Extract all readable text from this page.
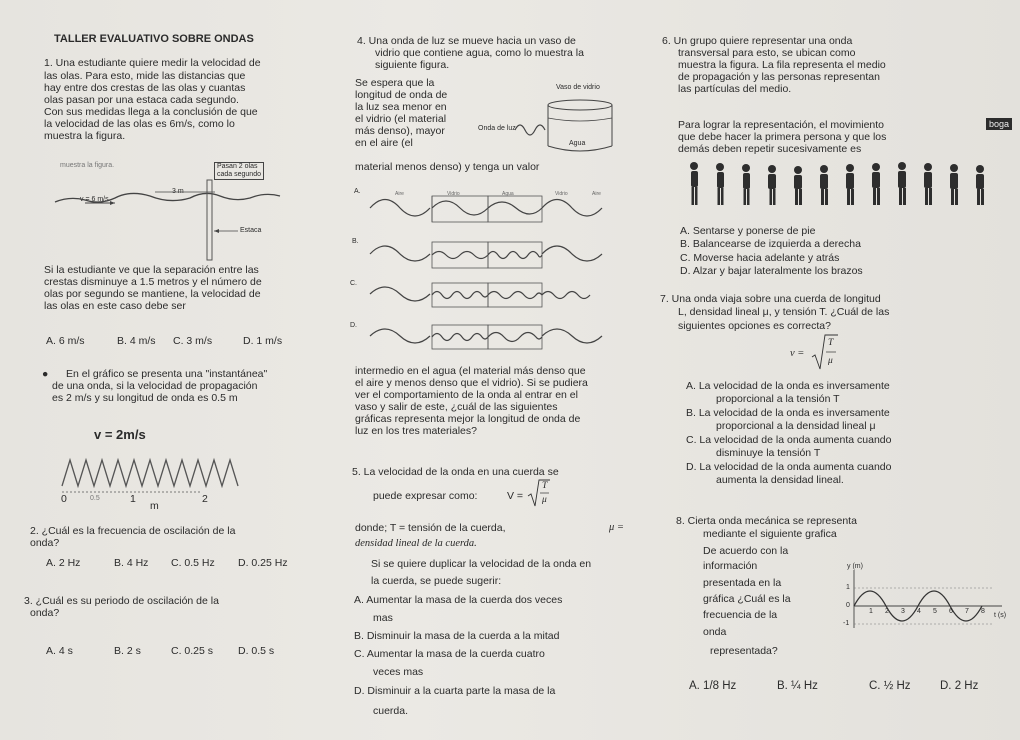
TALLER EVALUATIVO SOBRE ONDAS
1. Una estudiante quiere medir la velocidad de
las olas. Para esto, mide las distancias que
hay entre dos crestas de las olas y cuantas
olas pasan por una estaca cada segundo.
Con sus medidas llega a la conclusión de que
la velocidad de las olas es 6m/s, como lo
muestra la figura.
muestra la figura.	Pasan 2 olas
cada segundo
v = 6 m/s
3 m
Estaca
Si la estudiante ve que la separación entre las
crestas disminuye a 1.5 metros y el número de
olas por segundo se mantiene, la velocidad de
las olas en este caso debe ser
A. 6 m/s	B. 4 m/s C. 3 m/s	D. 1 m/s
● En el gráfico se presenta una "instantánea"
de una onda, si la velocidad de propagación
es 2 m/s y su longitud de onda es 0.5 m
v = 2m/s
0	0.5	1	2
m
2. ¿Cuál es la frecuencia de oscilación de la
onda?
A. 2 Hz	B. 4 Hz C. 0.5 Hz D. 0.25 Hz
3. ¿Cuál es su periodo de oscilación de la
onda?
A. 4 s	B. 2 s	C. 0.25 s D. 0.5 s
4. Una onda de luz se mueve hacia un vaso de
vidrio que contiene agua, como lo muestra la
siguiente figura.
Se espera que la
longitud de onda de
la luz sea menor en
el vidrio (el material
más denso), mayor
en el aire (el
material menos denso) y tenga un valor
Vaso de vidrio
Onda de luz
Agua
A.
B.
C.
D.
Aire	Vidrio	Agua	Vidrio	Aire
intermedio en el agua (el material más denso que
el aire y menos denso que el vidrio). Si se pudiera
ver el comportamiento de la onda al entrar en el
vaso y salir de este, ¿cuál de las siguientes
gráficas representa mejor la longitud de onda de
luz en los tres materiales?
5. La velocidad de la onda en una cuerda se
puede expresar como:	V =
T
μ
donde; T = tensión de la cuerda,	μ =
densidad lineal de la cuerda.
Si se quiere duplicar la velocidad de la onda en
la cuerda, se puede sugerir:
A. Aumentar la masa de la cuerda dos veces
mas
B. Disminuir la masa de la cuerda a la mitad
C. Aumentar la masa de la cuerda cuatro
veces mas
D. Disminuir a la cuarta parte la masa de la
cuerda.
6. Un grupo quiere representar una onda
transversal para esto, se ubican como
muestra la figura. La fila representa el medio
de propagación y las personas representan
las partículas del medio.
Para lograr la representación, el movimiento
que debe hacer la primera persona y que los
demás deben repetir sucesivamente es
A. Sentarse y ponerse de pie
B. Balancearse de izquierda a derecha
C. Moverse hacia adelante y atrás
D. Alzar y bajar lateralmente los brazos
7. Una onda viaja sobre una cuerda de longitud
L, densidad lineal μ, y tensión T. ¿Cuál de las
siguientes opciones es correcta?
v =
T
μ
A. La velocidad de la onda es inversamente
proporcional a la tensión T
B. La velocidad de la onda es inversamente
proporcional a la densidad lineal μ
C. La velocidad de la onda aumenta cuando
disminuye la tensión T
D. La velocidad de la onda aumenta cuando
aumenta la densidad lineal.
8. Cierta onda mecánica se representa
mediante el siguiente grafica
De acuerdo con la
información
presentada en la
gráfica ¿Cuál es la
frecuencia de la
onda
representada?
y (m)
1
0
-1
1 2 3 4 5 6 7 8
t (s)
A. 1/8 Hz	B. ¼ Hz	C. ½ Hz	D. 2 Hz
boga
